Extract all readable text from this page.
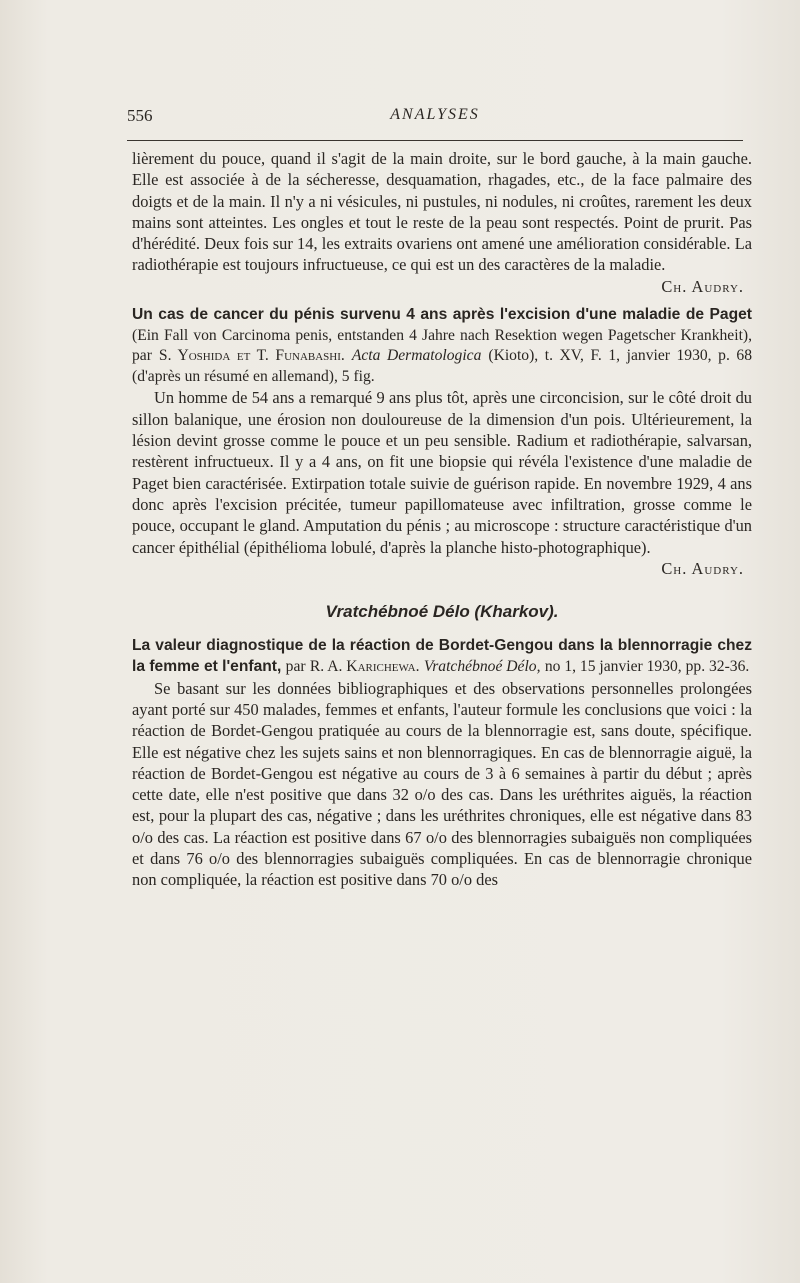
556	ANALYSES

lièrement du pouce, quand il s'agit de la main droite, sur le bord gauche, à la main gauche. Elle est associée à de la sécheresse, desquamation, rhagades, etc., de la face palmaire des doigts et de la main. Il n'y a ni vésicules, ni pustules, ni nodules, ni croûtes, rarement les deux mains sont atteintes. Les ongles et tout le reste de la peau sont respectés. Point de prurit. Pas d'hérédité. Deux fois sur 14, les extraits ovariens ont amené une amélioration considérable. La radiothérapie est toujours infructueuse, ce qui est un des caractères de la maladie.

Ch. Audry.

Un cas de cancer du pénis survenu 4 ans après l'excision d'une maladie de Paget (Ein Fall von Carcinoma penis, entstanden 4 Jahre nach Resektion wegen Pagetscher Krankheit), par S. Yoshida et T. Funabashi. Acta Dermatologica (Kioto), t. XV, F. 1, janvier 1930, p. 68 (d'après un résumé en allemand), 5 fig.

Un homme de 54 ans a remarqué 9 ans plus tôt, après une circoncision, sur le côté droit du sillon balanique, une érosion non douloureuse de la dimension d'un pois. Ultérieurement, la lésion devint grosse comme le pouce et un peu sensible. Radium et radiothérapie, salvarsan, restèrent infructueux. Il y a 4 ans, on fit une biopsie qui révéla l'existence d'une maladie de Paget bien caractérisée. Extirpation totale suivie de guérison rapide. En novembre 1929, 4 ans donc après l'excision précitée, tumeur papillomateuse avec infiltration, grosse comme le pouce, occupant le gland. Amputation du pénis ; au microscope : structure caractéristique d'un cancer épithélial (épithélioma lobulé, d'après la planche histo-photographique).

Ch. Audry.

Vratchébnoé Délo (Kharkov).

La valeur diagnostique de la réaction de Bordet-Gengou dans la blennorragie chez la femme et l'enfant, par R. A. Karichewa. Vratchébnoé Délo, no 1, 15 janvier 1930, pp. 32-36.

Se basant sur les données bibliographiques et des observations personnelles prolongées ayant porté sur 450 malades, femmes et enfants, l'auteur formule les conclusions que voici : la réaction de Bordet-Gengou pratiquée au cours de la blennorragie est, sans doute, spécifique. Elle est négative chez les sujets sains et non blennorragiques. En cas de blennorragie aiguë, la réaction de Bordet-Gengou est négative au cours de 3 à 6 semaines à partir du début ; après cette date, elle n'est positive que dans 32 o/o des cas. Dans les uréthrites aiguës, la réaction est, pour la plupart des cas, négative ; dans les uréthrites chroniques, elle est négative dans 83 o/o des cas. La réaction est positive dans 67 o/o des blennorragies subaiguës non compliquées et dans 76 o/o des blennorragies subaiguës compliquées. En cas de blennorragie chronique non compliquée, la réaction est positive dans 70 o/o des
